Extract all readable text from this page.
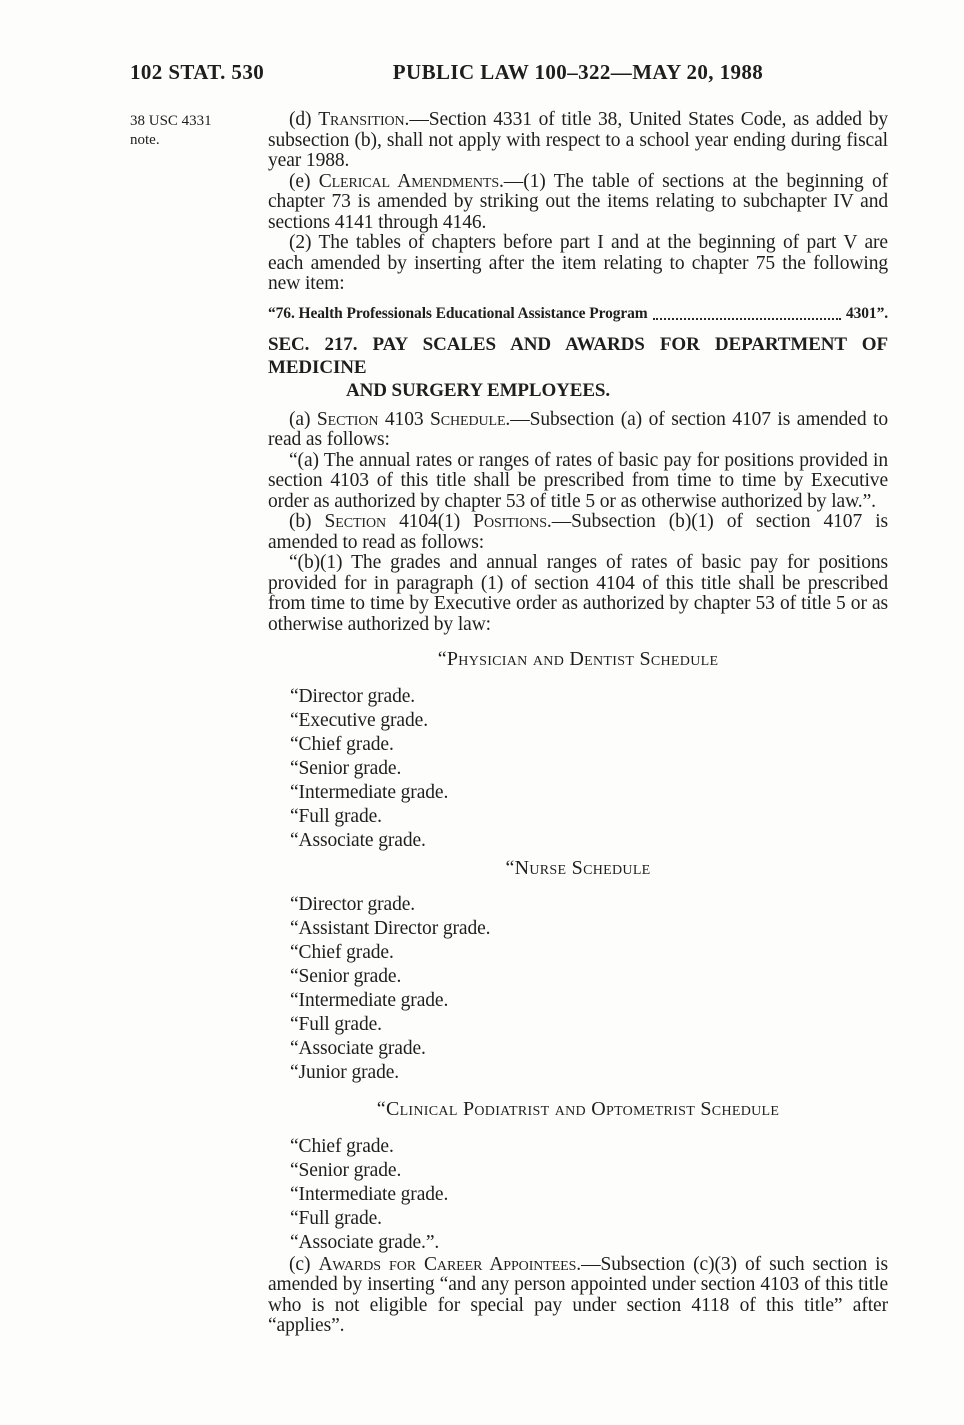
102 STAT. 530	PUBLIC LAW 100–322—MAY 20, 1988
38 USC 4331
note.

(d) Transition.—Section 4331 of title 38, United States Code, as added by subsection (b), shall not apply with respect to a school year ending during fiscal year 1988.

(e) Clerical Amendments.—(1) The table of sections at the beginning of chapter 73 is amended by striking out the items relating to subchapter IV and sections 4141 through 4146.

(2) The tables of chapters before part I and at the beginning of part V are each amended by inserting after the item relating to chapter 75 the following new item:

“76. Health Professionals Educational Assistance Program	4301”.
SEC. 217. PAY SCALES AND AWARDS FOR DEPARTMENT OF MEDICINE
AND SURGERY EMPLOYEES.

(a) Section 4103 Schedule.—Subsection (a) of section 4107 is amended to read as follows:

“(a) The annual rates or ranges of rates of basic pay for positions provided in section 4103 of this title shall be prescribed from time to time by Executive order as authorized by chapter 53 of title 5 or as otherwise authorized by law.”.

(b) Section 4104(1) Positions.—Subsection (b)(1) of section 4107 is amended to read as follows:

“(b)(1) The grades and annual ranges of rates of basic pay for positions provided for in paragraph (1) of section 4104 of this title shall be prescribed from time to time by Executive order as authorized by chapter 53 of title 5 or as otherwise authorized by law:

“Physician and Dentist Schedule
“Director grade.
“Executive grade.
“Chief grade.
“Senior grade.
“Intermediate grade.
“Full grade.
“Associate grade.
“Nurse Schedule
“Director grade.
“Assistant Director grade.
“Chief grade.
“Senior grade.
“Intermediate grade.
“Full grade.
“Associate grade.
“Junior grade.
“Clinical Podiatrist and Optometrist Schedule
“Chief grade.
“Senior grade.
“Intermediate grade.
“Full grade.
“Associate grade.”.

(c) Awards for Career Appointees.—Subsection (c)(3) of such section is amended by inserting “and any person appointed under section 4103 of this title who is not eligible for special pay under section 4118 of this title” after “applies”.
